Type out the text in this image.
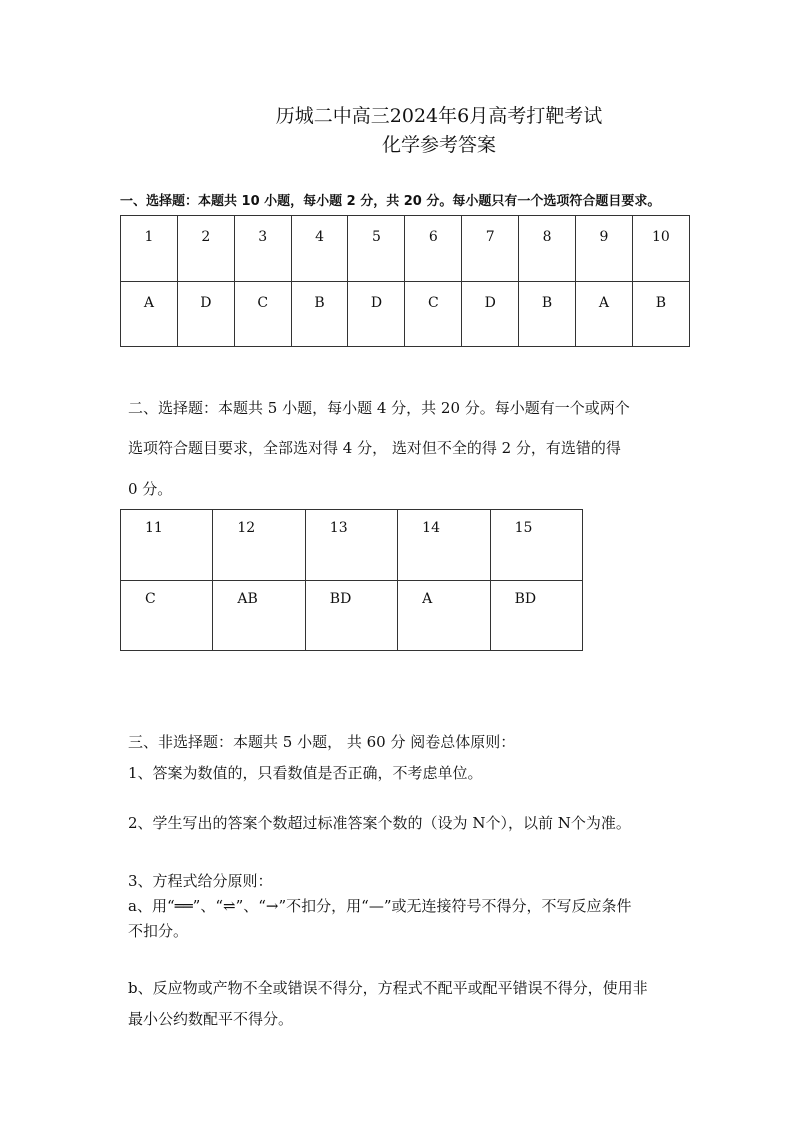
历城二中高三2024年6月高考打靶考试
化学参考答案
一、选择题：本题共 10 小题，每小题 2 分，共 20 分。每小题只有一个选项符合题目要求。
1	2	3	4	5	6	7	8	9	10
A	D	C	B	D	C	D	B	A	B
二、选择题：本题共 5 小题，每小题 4 分，共 20 分。每小题有一个或两个
选项符合题目要求，全部选对得 4 分， 选对但不全的得 2 分，有选错的得
0 分。
11	12	13	14	15
C	AB	BD	A	BD
三、非选择题：本题共 5 小题， 共 60 分 阅卷总体原则：
1、答案为数值的，只看数值是否正确，不考虑单位。
2、学生写出的答案个数超过标准答案个数的（设为 N个），以前 N个为准。
3、方程式给分原则：
a、用“══”、“⇌”、“→”不扣分，用“—”或无连接符号不得分，不写反应条件
不扣分。
b、反应物或产物不全或错误不得分，方程式不配平或配平错误不得分，使用非
最小公约数配平不得分。
